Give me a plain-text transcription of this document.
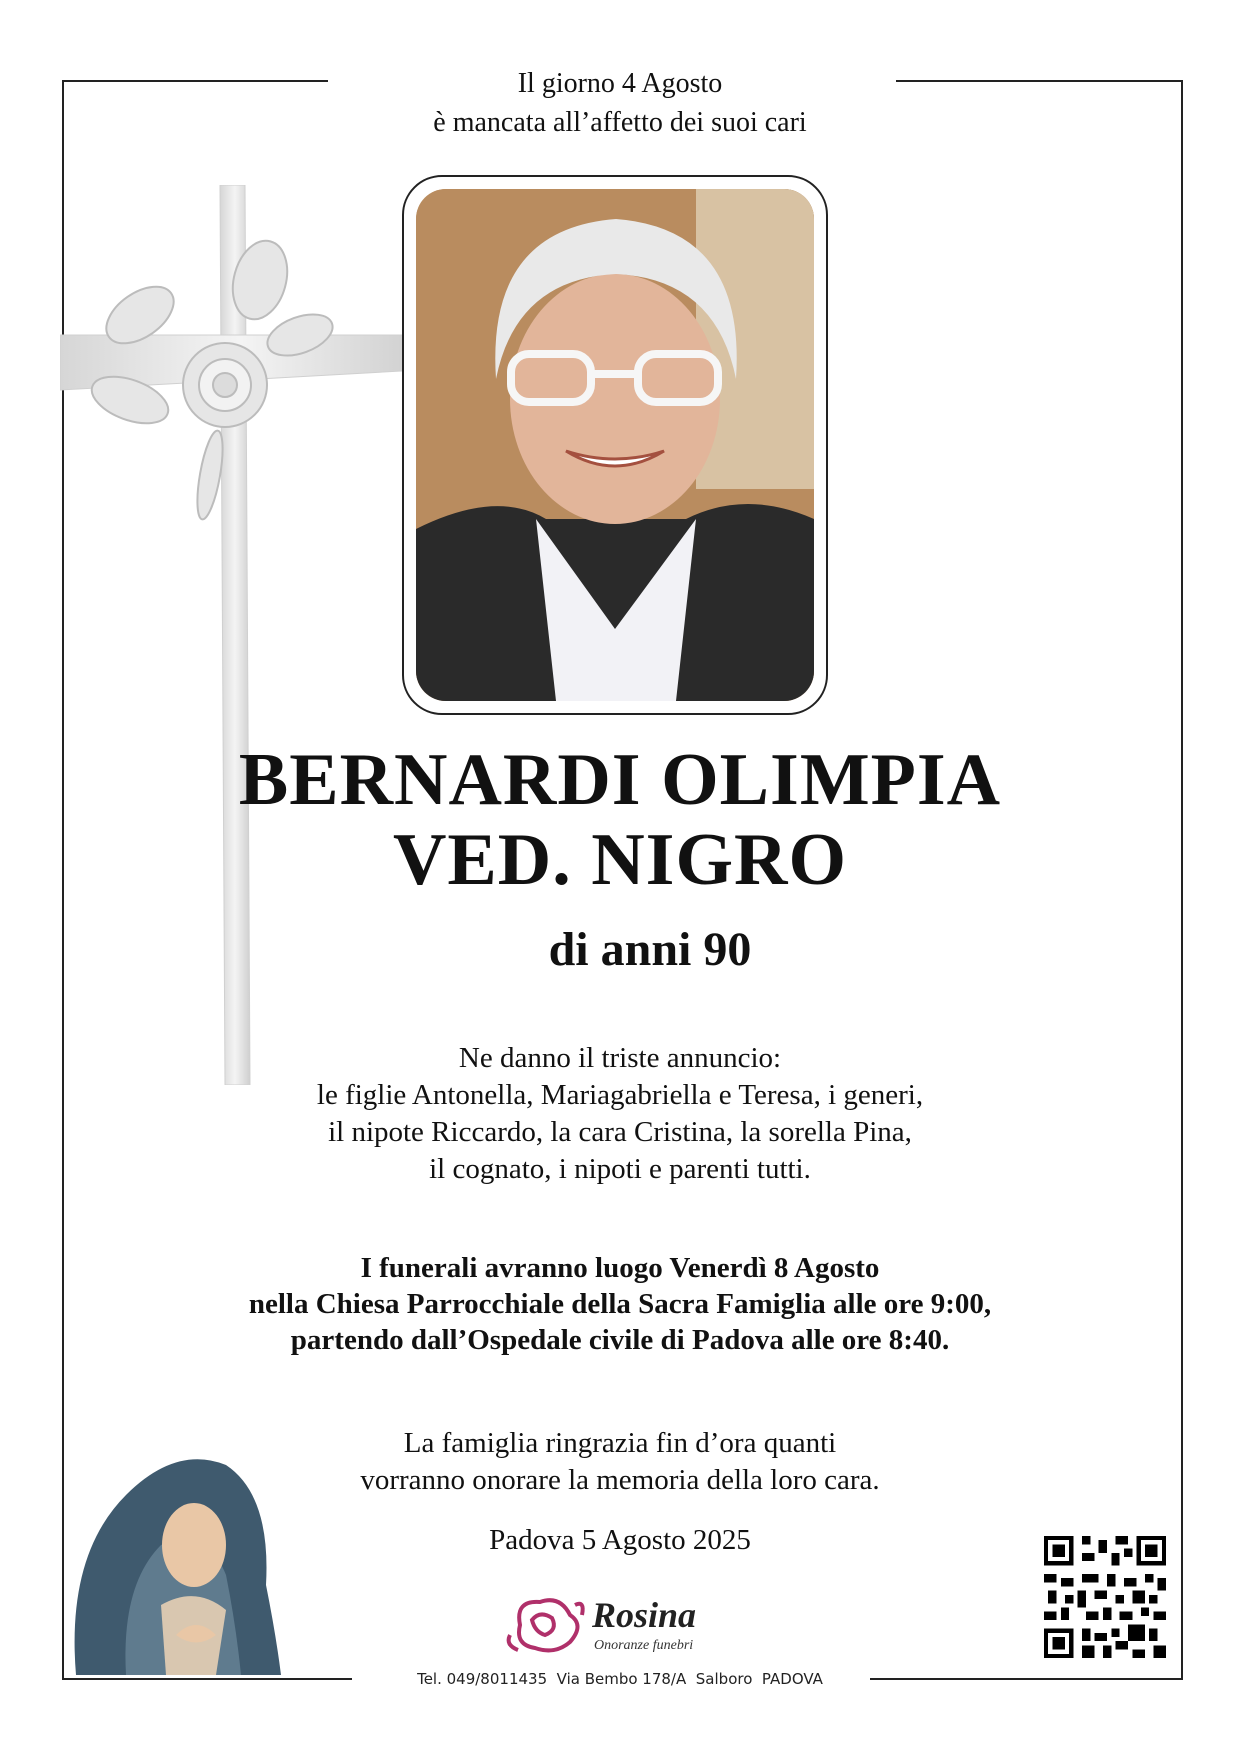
Il giorno 4 Agosto
è mancata all’affetto dei suoi cari
BERNARDI OLIMPIA
VED. NIGRO
di anni 90
Ne danno il triste annuncio:
le figlie Antonella, Mariagabriella e Teresa, i generi,
il nipote Riccardo, la cara Cristina, la sorella Pina,
il cognato, i nipoti e parenti tutti.
I funerali avranno luogo Venerdì 8 Agosto
nella Chiesa Parrocchiale della Sacra Famiglia alle ore 9:00,
partendo dall’Ospedale civile di Padova alle ore 8:40.
La famiglia ringrazia fin d’ora quanti
vorranno onorare la memoria della loro cara.
Padova 5 Agosto 2025
Rosina
Onoranze funebri
Tel. 049/8011435  Via Bembo 178/A  Salboro  PADOVA
